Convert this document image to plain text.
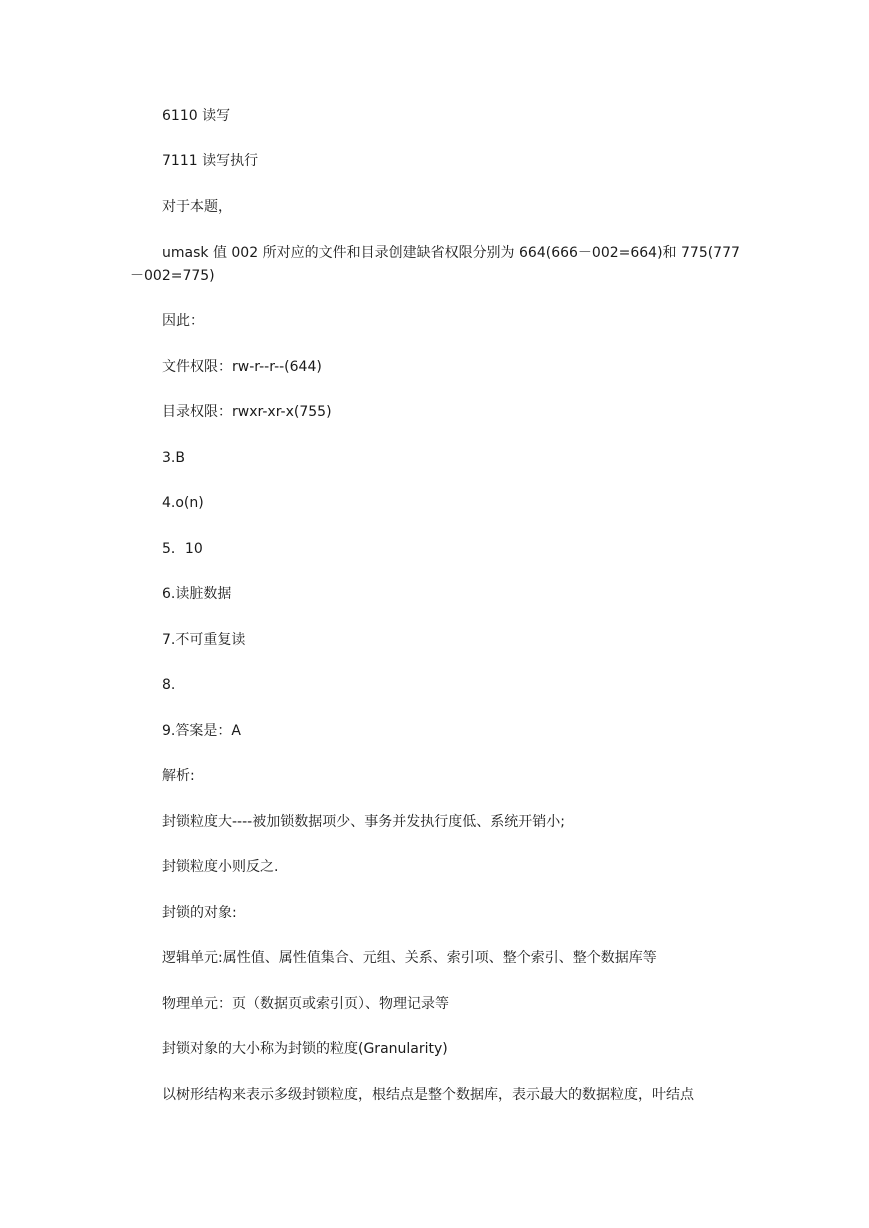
6110 读写
7111 读写执行
对于本题，
umask 值 002 所对应的文件和目录创建缺省权限分别为 664(666－002=664)和 775(777
－002=775)
因此：
文件权限：rw-r--r--(644)
目录权限：rwxr-xr-x(755)
3.B
4.o(n)
5．10
6.读脏数据
7.不可重复读
8.
9.答案是：A
解析:
封锁粒度大----被加锁数据项少、事务并发执行度低、系统开销小;
封锁粒度小则反之.
封锁的对象:
逻辑单元:属性值、属性值集合、元组、关系、索引项、整个索引、整个数据库等
物理单元：页（数据页或索引页）、物理记录等
封锁对象的大小称为封锁的粒度(Granularity)
以树形结构来表示多级封锁粒度，根结点是整个数据库，表示最大的数据粒度，叶结点
